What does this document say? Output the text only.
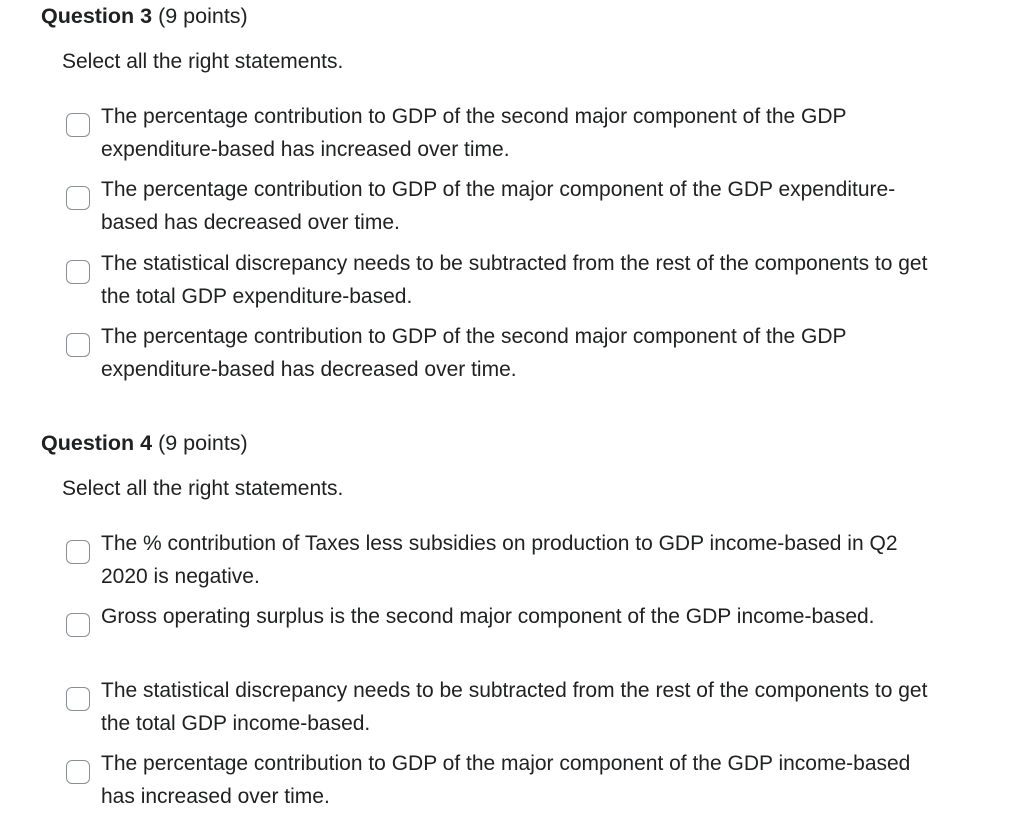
Question 3 (9 points)
Select all the right statements.
The percentage contribution to GDP of the second major component of the GDP expenditure-based has increased over time.
The percentage contribution to GDP of the major component of the GDP expenditure-based has decreased over time.
The statistical discrepancy needs to be subtracted from the rest of the components to get the total GDP expenditure-based.
The percentage contribution to GDP of the second major component of the GDP expenditure-based has decreased over time.
Question 4 (9 points)
Select all the right statements.
The % contribution of Taxes less subsidies on production to GDP income-based in Q2 2020 is negative.
Gross operating surplus is the second major component of the GDP income-based.
The statistical discrepancy needs to be subtracted from the rest of the components to get the total GDP income-based.
The percentage contribution to GDP of the major component of the GDP income-based has increased over time.
